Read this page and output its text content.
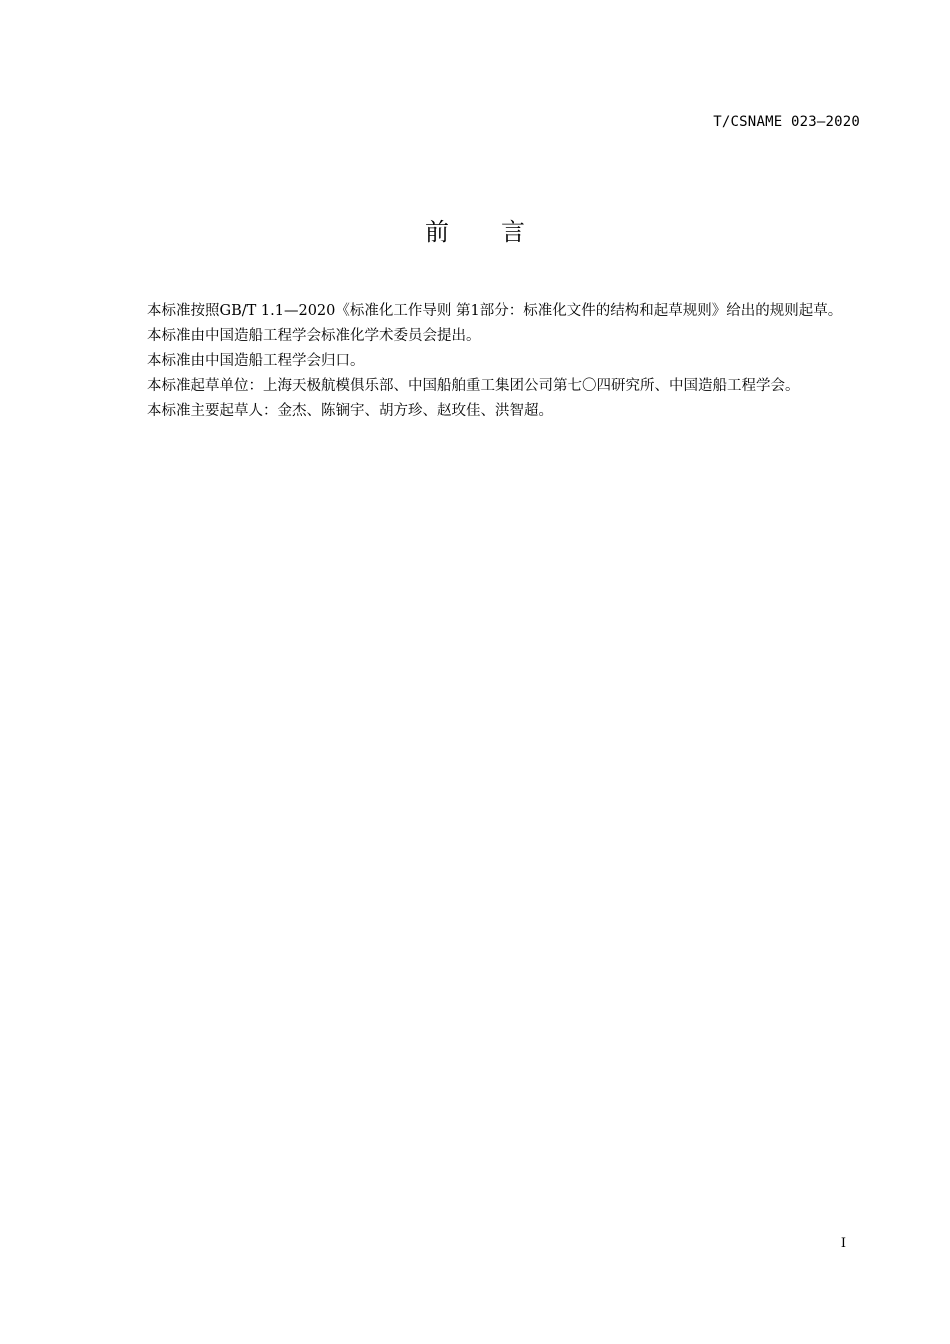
T/CSNAME 023—2020
前言

本标准按照GB/T 1.1—2020《标准化工作导则 第1部分：标准化文件的结构和起草规则》给出的规则起草。

本标准由中国造船工程学会标准化学术委员会提出。

本标准由中国造船工程学会归口。

本标准起草单位：上海天极航模俱乐部、中国船舶重工集团公司第七〇四研究所、中国造船工程学会。

本标准主要起草人：金杰、陈锎宇、胡方珍、赵玫佳、洪智超。

I
